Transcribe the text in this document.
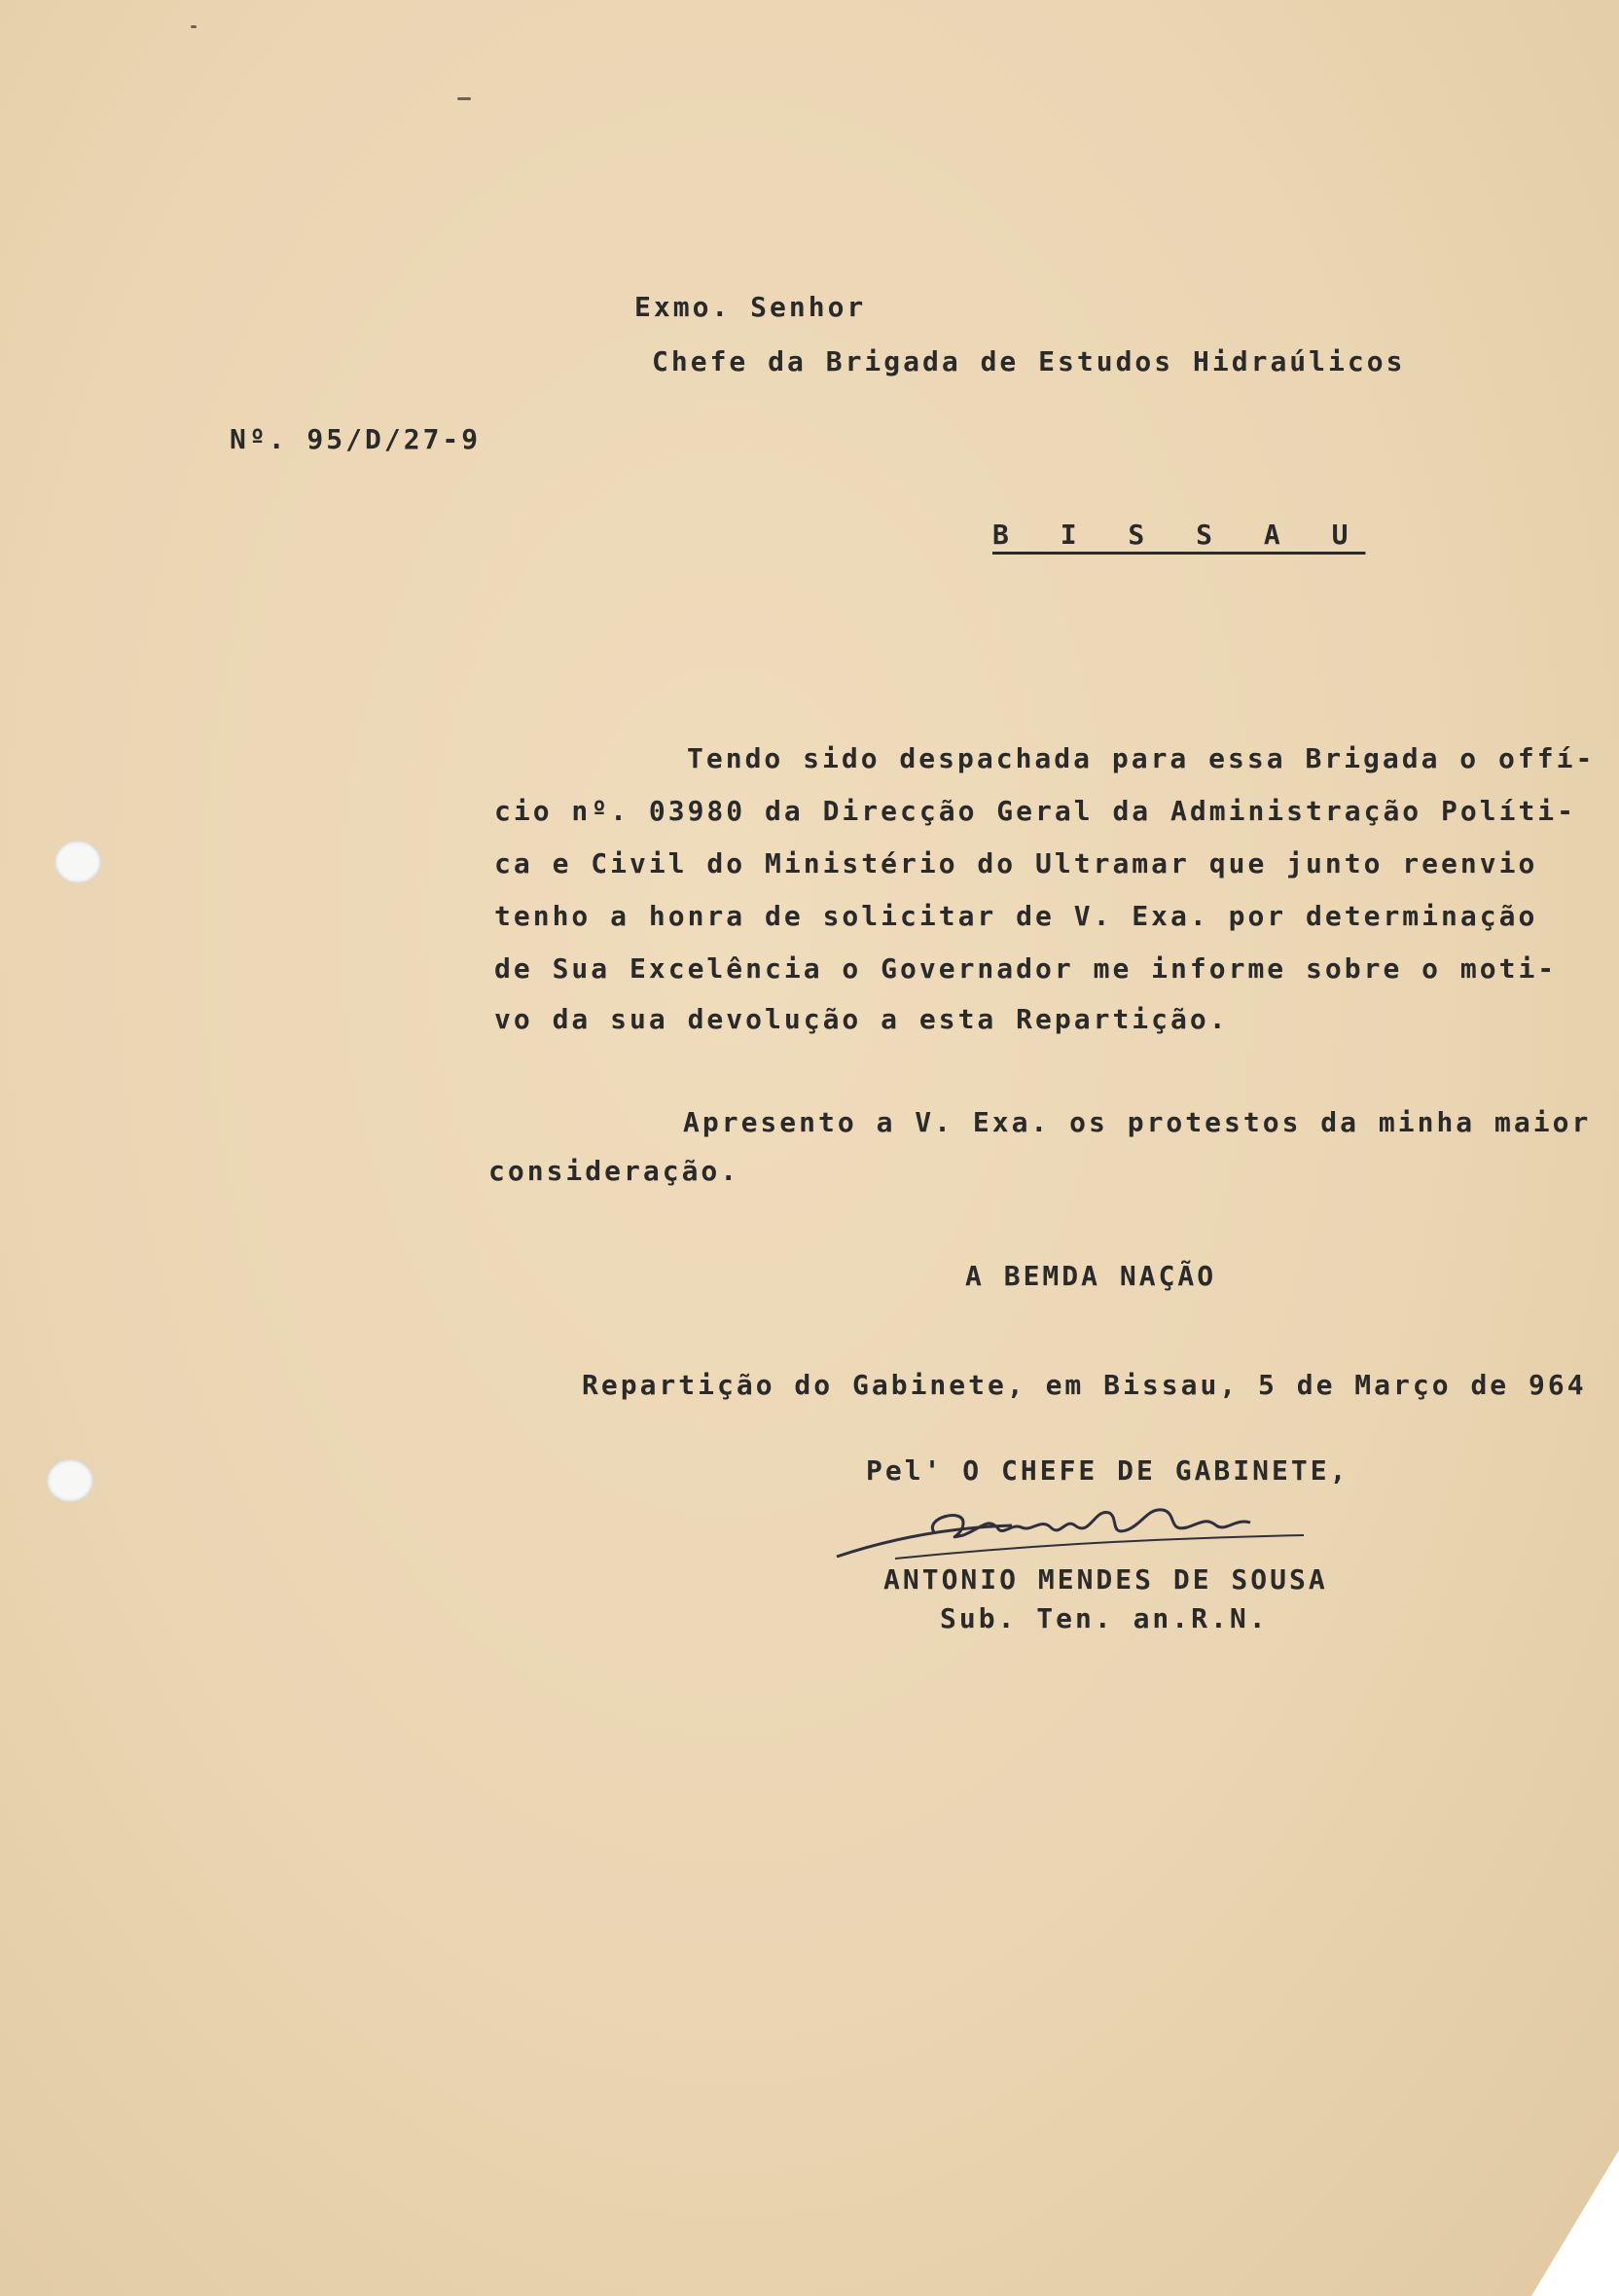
Exmo. Senhor
Chefe da Brigada de Estudos Hidraúlicos
Nº. 95/D/27-9
B I S S A U
Tendo sido despachada para essa Brigada o offí-
cio nº. 03980 da Direcção Geral da Administração Políti-
ca e Civil do Ministério do Ultramar que junto reenvio
tenho a honra de solicitar de V. Exa. por determinação
de Sua Excelência o Governador me informe sobre o moti-
vo da sua devolução a esta Repartição.
Apresento a V. Exa. os protestos da minha maior
consideração.
A BEMDA NAÇÃO
Repartição do Gabinete, em Bissau, 5 de Março de 964
Pel' O CHEFE DE GABINETE,
ANTONIO MENDES DE SOUSA
Sub. Ten. an.R.N.
